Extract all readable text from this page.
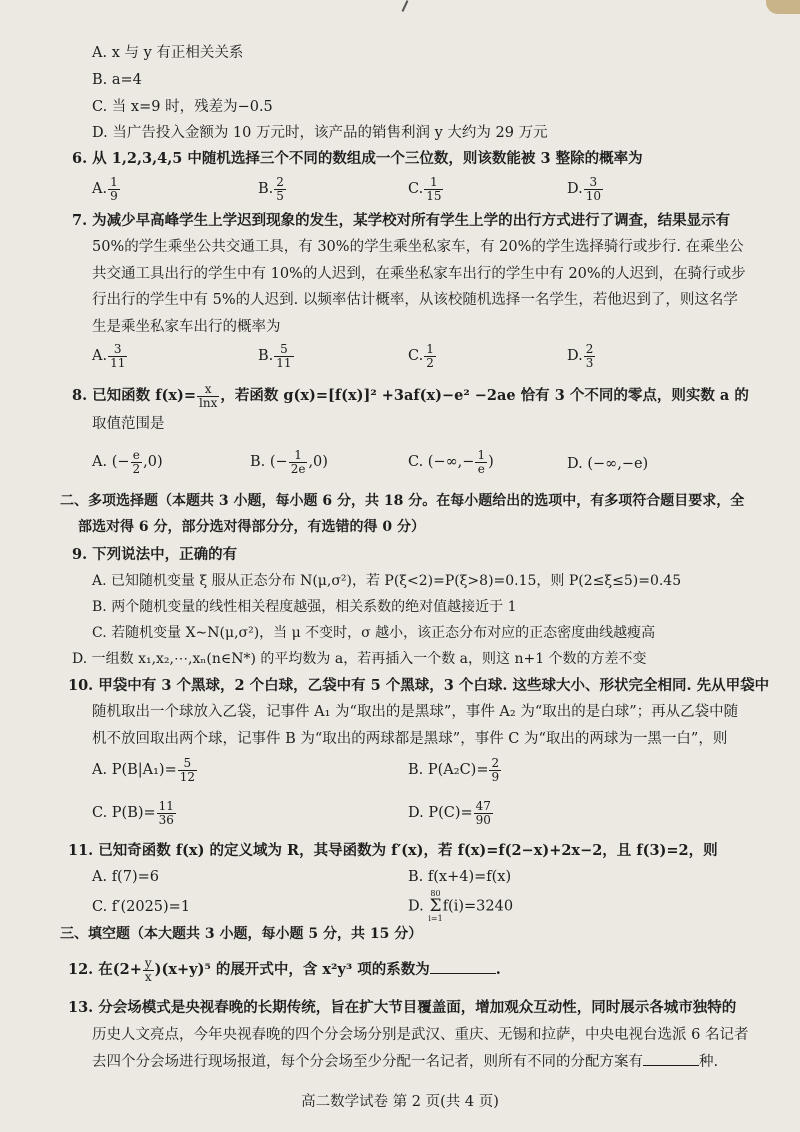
A. x 与 y 有正相关关系
B. a=4
C. 当 x=9 时，残差为−0.5
D. 当广告投入金额为 10 万元时，该产品的销售利润 y 大约为 29 万元
6. 从 1,2,3,4,5 中随机选择三个不同的数组成一个三位数，则该数能被 3 整除的概率为
A. $\frac{1}{9}$	B. $\frac{2}{5}$	C. $\frac{1}{15}$	D. $\frac{3}{10}$
7. 为减少早高峰学生上学迟到现象的发生，某学校对所有学生上学的出行方式进行了调查，结果显示有
50%的学生乘坐公共交通工具，有 30%的学生乘坐私家车，有 20%的学生选择骑行或步行. 在乘坐公
共交通工具出行的学生中有 10%的人迟到，在乘坐私家车出行的学生中有 20%的人迟到，在骑行或步
行出行的学生中有 5%的人迟到. 以频率估计概率，从该校随机选择一名学生，若他迟到了，则这名学
生是乘坐私家车出行的概率为
A. $\frac{3}{11}$	B. $\frac{5}{11}$	C. $\frac{1}{2}$	D. $\frac{2}{3}$
8. 已知函数 $f(x)= \frac{x}{\ln x}$ ，若函数 g(x)=[f(x)]² +3af(x)−e² −2ae 恰有 3 个不同的零点，则实数 a 的
取值范围是
A. (− $\frac{e}{2} ,0$)	B. (− $\frac{1}{2e} ,0$)	C. (−∞,− $\frac{1}{e}$ )	D. (−∞,−e)
二、多项选择题（本题共 3 小题，每小题 6 分，共 18 分。在每小题给出的选项中，有多项符合题目要求，全
部选对得 6 分，部分选对得部分分，有选错的得 0 分）
9. 下列说法中，正确的有
A. 已知随机变量 ξ 服从正态分布 N(μ,σ²)，若 P(ξ<2)=P(ξ>8)=0.15，则 P(2≤ξ≤5)=0.45
B. 两个随机变量的线性相关程度越强，相关系数的绝对值越接近于 1
C. 若随机变量 X∼N(μ,σ²)，当 μ 不变时，σ 越小，该正态分布对应的正态密度曲线越瘦高
D. 一组数 x₁,x₂,⋯,xₙ(n∈N*) 的平均数为 a，若再插入一个数 a，则这 n+1 个数的方差不变
10. 甲袋中有 3 个黑球，2 个白球，乙袋中有 5 个黑球，3 个白球. 这些球大小、形状完全相同. 先从甲袋中
随机取出一个球放入乙袋，记事件 A₁ 为“取出的是黑球”，事件 A₂ 为“取出的是白球”；再从乙袋中随
机不放回取出两个球，记事件 B 为“取出的两球都是黑球”，事件 C 为“取出的两球为一黑一白”，则
A. $P(B|A_1)= \frac{5}{12}$	B. $P(A_2C)= \frac{2}{9}$
C. $P(B)= \frac{11}{36}$	D. $P(C)= \frac{47}{90}$
11. 已知奇函数 f(x) 的定义域为 R，其导函数为 f′(x)，若 f(x)=f(2−x)+2x−2，且 f(3)=2，则
A. f(7)=6	B. f(x+4)=f(x)
C. f′(2025)=1	D.
80
Σ
i=1
f(i)=3240
三、填空题（本大题共 3 小题，每小题 5 分，共 15 分）
12. 在$(2+ \frac{y}{x} )(x+y)^5$ 的展开式中，含 x²y³ 项的系数为	.
13. 分会场模式是央视春晚的长期传统，旨在扩大节目覆盖面，增加观众互动性，同时展示各城市独特的
历史人文亮点，今年央视春晚的四个分会场分别是武汉、重庆、无锡和拉萨，中央电视台选派 6 名记者
去四个分会场进行现场报道，每个分会场至少分配一名记者，则所有不同的分配方案有	种.
高二数学试卷 第 2 页(共 4 页)
